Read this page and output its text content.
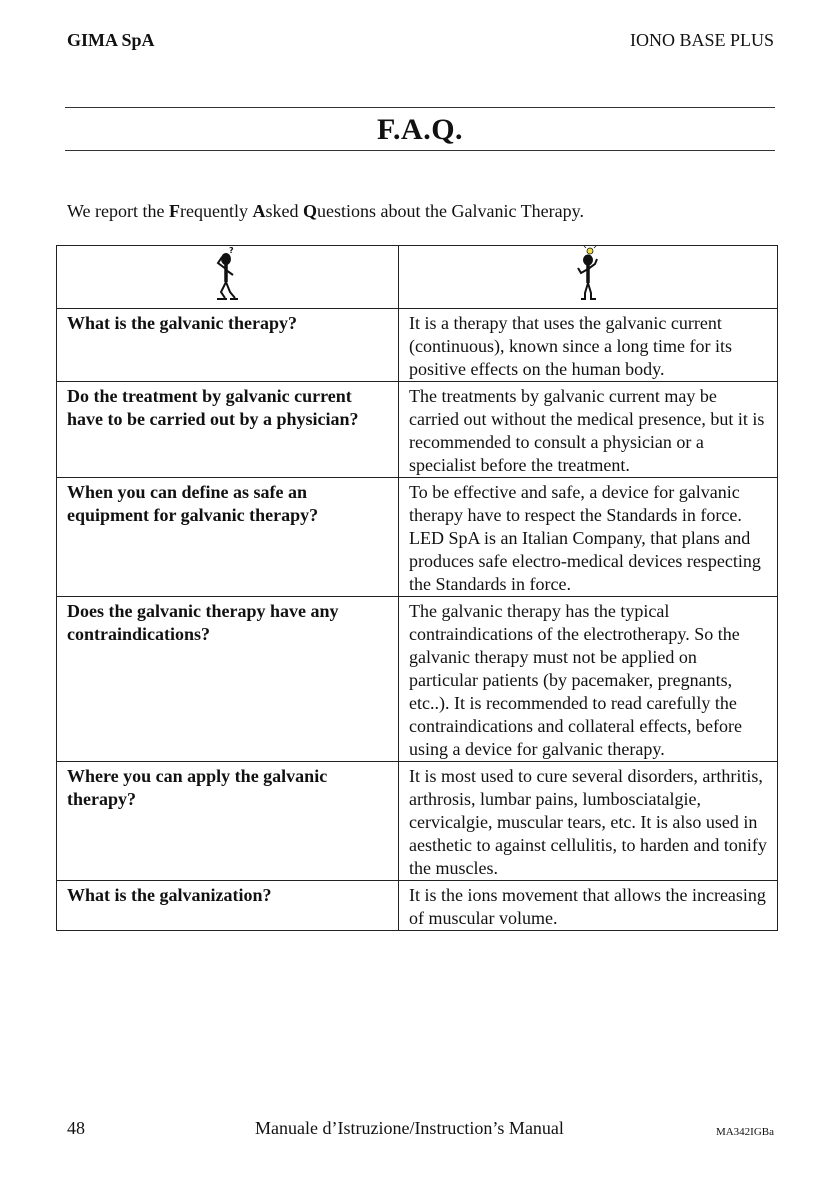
GIMA SpA	IONO BASE PLUS
F.A.Q.
We report the Frequently Asked Questions about the Galvanic Therapy.
?

What is the galvanic therapy?	It is a therapy that uses the galvanic current (continuous), known since a long time for its positive effects on the human body.
Do the treatment by galvanic current have to be carried out by a physician?	The treatments by galvanic current may be carried out without the medical presence, but it is recommended to consult a physician or a specialist before the treatment.
When you can define as safe an equipment for galvanic therapy?	To be effective and safe, a device for galvanic therapy have to respect the Standards in force.
LED SpA is an Italian Company, that plans and produces safe electro-medical devices respecting the Standards in force.

Does the galvanic therapy have any contraindications?	The galvanic therapy has the typical contraindications of the electrotherapy. So the galvanic therapy must not be applied on particular patients (by pacemaker, pregnants, etc..). It is recommended to read carefully the contraindications and collateral effects, before using a device for galvanic therapy.
Where you can apply the galvanic therapy?	It is most used to cure several disorders, arthritis, arthrosis, lumbar pains, lumbosciatalgie, cervicalgie, muscular tears, etc. It is also used in aesthetic to against cellulitis, to harden and tonify the muscles.
What is the galvanization?	It is the ions movement that allows the increasing of muscular volume.
48	Manuale d’Istruzione/Instruction’s Manual	MA342IGBa
